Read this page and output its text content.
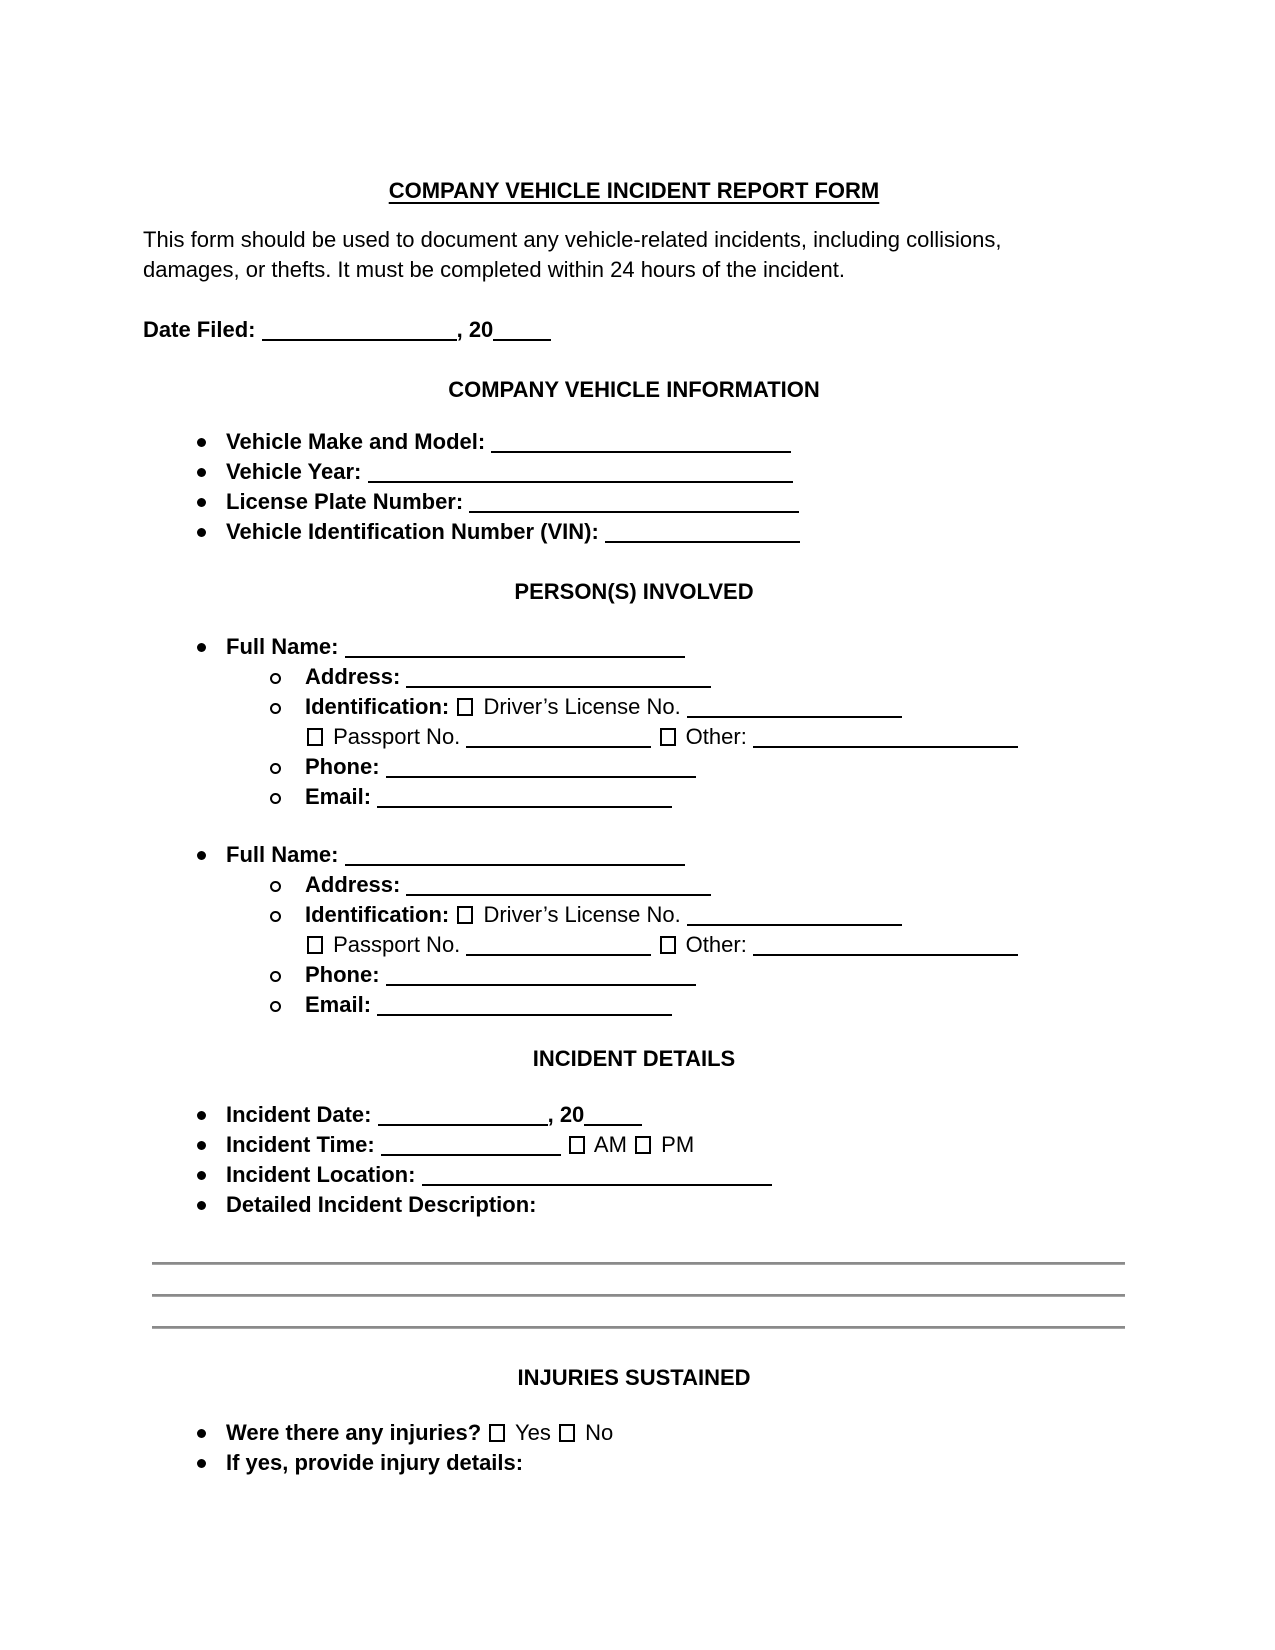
COMPANY VEHICLE INCIDENT REPORT FORM
This form should be used to document any vehicle-related incidents, including collisions,
damages, or thefts. It must be completed within 24 hours of the incident.
Date Filed:	, 20
COMPANY VEHICLE INFORMATION
Vehicle Make and Model:
Vehicle Year:
License Plate Number:
Vehicle Identification Number (VIN):
PERSON(S) INVOLVED
Full Name:
Address:
Identification: Driver’s License No.
Passport No.	Other:
Phone:
Email:
Full Name:
Address:
Identification: Driver’s License No.
Passport No.	Other:
Phone:
Email:
INCIDENT DETAILS
Incident Date:	, 20
Incident Time:	AM PM
Incident Location:
Detailed Incident Description:
INJURIES SUSTAINED
Were there any injuries? Yes No
If yes, provide injury details:
